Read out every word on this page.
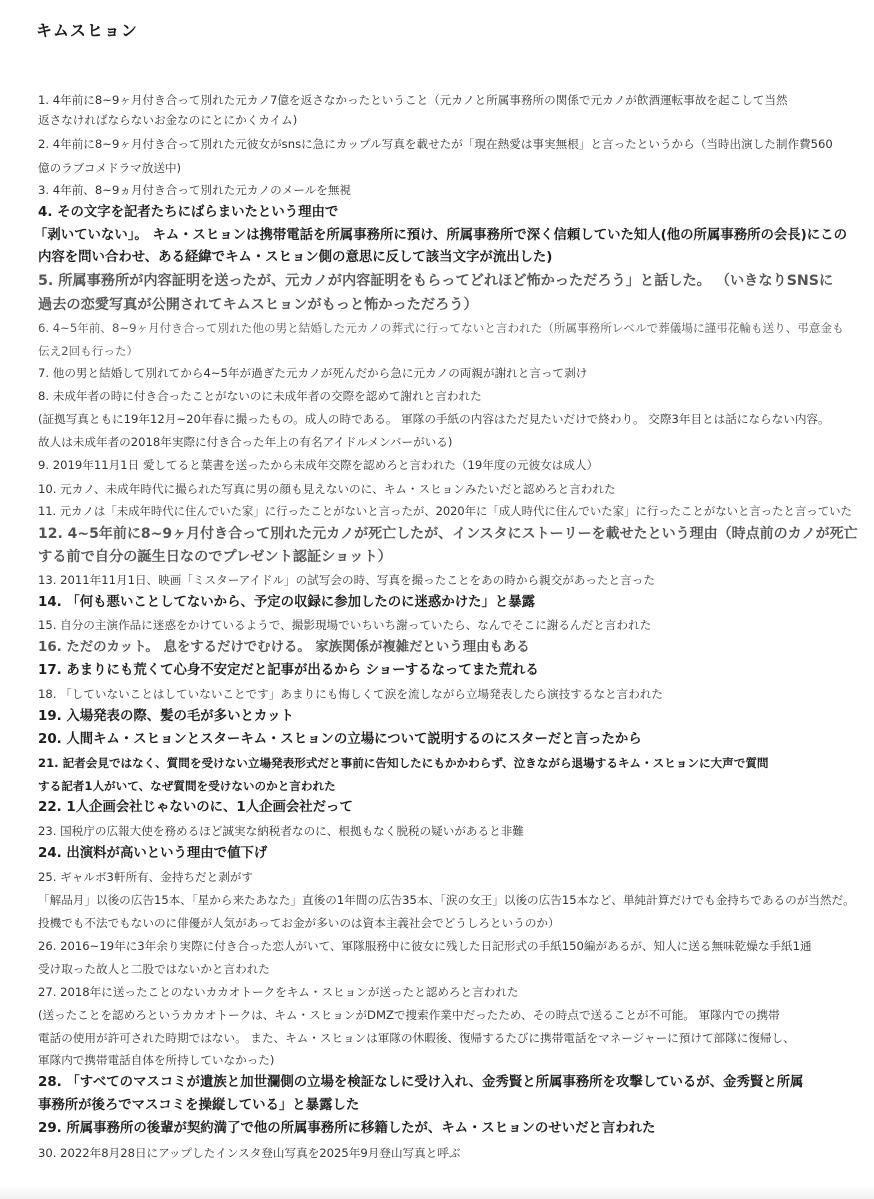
キムスヒョン
1. 4年前に8~9ヶ月付き合って別れた元カノ7億を返さなかったということ（元カノと所属事務所の関係で元カノが飲酒運転事故を起こして当然
返さなければならないお金なのにとにかくカイム)
2. 4年前に8~9ヶ月付き合って別れた元彼女がsnsに急にカップル写真を載せたが「現在熱愛は事実無根」と言ったというから（当時出演した制作費560
億のラブコメドラマ放送中)
3. 4年前、8~9ヵ月付き合って別れた元カノのメールを無視
4. その文字を記者たちにばらまいたという理由で
「剥いていない」。 キム・スヒョンは携帯電話を所属事務所に預け、所属事務所で深く信頼していた知人(他の所属事務所の会長)にこの
内容を問い合わせ、ある経緯でキム・スヒョン側の意思に反して該当文字が流出した)
5. 所属事務所が内容証明を送ったが、元カノが内容証明をもらってどれほど怖かっただろう」と話した。 （いきなりSNSに
過去の恋愛写真が公開されてキムスヒョンがもっと怖かっただろう）
6. 4~5年前、8~9ヶ月付き合って別れた他の男と結婚した元カノの葬式に行ってないと言われた（所属事務所レベルで葬儀場に謹弔花輪も送り、弔意金も
伝え2回も行った）
7. 他の男と結婚して別れてから4~5年が過ぎた元カノが死んだから急に元カノの両親が謝れと言って剥け
8. 未成年者の時に付き合ったことがないのに未成年者の交際を認めて謝れと言われた
(証拠写真ともに19年12月~20年春に撮ったもの。成人の時である。 軍隊の手紙の内容はただ見たいだけで終わり。 交際3年目とは話にならない内容。
故人は未成年者の2018年実際に付き合った年上の有名アイドルメンバーがいる)
9. 2019年11月1日 愛してると葉書を送ったから未成年交際を認めろと言われた（19年度の元彼女は成人）
10. 元カノ、未成年時代に撮られた写真に男の顔も見えないのに、キム・スヒョンみたいだと認めろと言われた
11. 元カノは「未成年時代に住んでいた家」に行ったことがないと言ったが、2020年に「成人時代に住んでいた家」に行ったことがないと言ったと言っていた
12. 4~5年前に8~9ヶ月付き合って別れた元カノが死亡したが、インスタにストーリーを載せたという理由（時点前のカノが死亡
する前で自分の誕生日なのでプレゼント認証ショット）
13. 2011年11月1日、映画「ミスターアイドル」の試写会の時、写真を撮ったことをあの時から親交があったと言った
14. 「何も悪いことしてないから、予定の収録に参加したのに迷惑かけた」と暴露
15. 自分の主演作品に迷惑をかけているようで、撮影現場でいちいち謝っていたら、なんでそこに謝るんだと言われた
16. ただのカット。 息をするだけでむける。 家族関係が複雑だという理由もある
17. あまりにも荒くて心身不安定だと記事が出るから ショーするなってまた荒れる
18. 「していないことはしていないことです」あまりにも悔しくて涙を流しながら立場発表したら演技するなと言われた
19. 入場発表の際、髪の毛が多いとカット
20. 人間キム・スヒョンとスターキム・スヒョンの立場について説明するのにスターだと言ったから
21. 記者会見ではなく、質問を受けない立場発表形式だと事前に告知したにもかかわらず、泣きながら退場するキム・スヒョンに大声で質問
する記者1人がいて、なぜ質問を受けないのかと言われた
22. 1人企画会社じゃないのに、1人企画会社だって
23. 国税庁の広報大使を務めるほど誠実な納税者なのに、根拠もなく脱税の疑いがあると非難
24. 出演料が高いという理由で値下げ
25. ギャルボ3軒所有、金持ちだと剥がす
「解品月」以後の広告15本、「星から来たあなた」直後の1年間の広告35本、「涙の女王」以後の広告15本など、単純計算だけでも金持ちであるのが当然だ。
投機でも不法でもないのに俳優が人気があってお金が多いのは資本主義社会でどうしろというのか）
26. 2016~19年に3年余り実際に付き合った恋人がいて、軍隊服務中に彼女に残した日記形式の手紙150編があるが、知人に送る無味乾燥な手紙1通
受け取った故人と二股ではないかと言われた
27. 2018年に送ったことのないカカオトークをキム・スヒョンが送ったと認めろと言われた
(送ったことを認めろというカカオトークは、キム・スヒョンがDMZで捜索作業中だったため、その時点で送ることが不可能。 軍隊内での携帯
電話の使用が許可された時期ではない。 また、キム・スヒョンは軍隊の休暇後、復帰するたびに携帯電話をマネージャーに預けて部隊に復帰し、
軍隊内で携帯電話自体を所持していなかった)
28. 「すべてのマスコミが遺族と加世瀾側の立場を検証なしに受け入れ、金秀賢と所属事務所を攻撃しているが、金秀賢と所属
事務所が後ろでマスコミを操縦している」と暴露した
29. 所属事務所の後輩が契約満了で他の所属事務所に移籍したが、キム・スヒョンのせいだと言われた
30. 2022年8月28日にアップしたインスタ登山写真を2025年9月登山写真と呼ぶ
